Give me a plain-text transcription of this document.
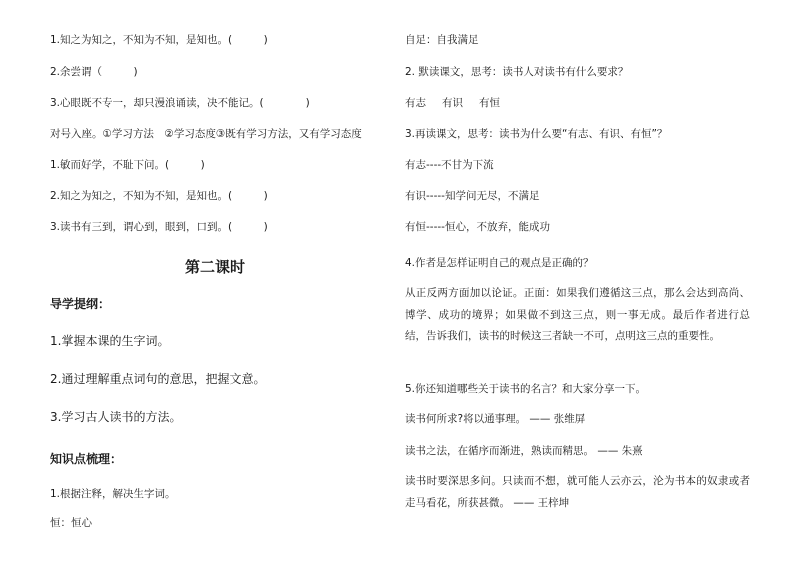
1.知之为知之，不知为不知，是知也。(　　　)
2.余尝谓（　　　)
3.心眼既不专一，却只漫浪诵读，决不能记。(　　　　)
对号入座。①学习方法　②学习态度③既有学习方法，又有学习态度
1.敏而好学，不耻下问。(　　　)
2.知之为知之，不知为不知，是知也。(　　　)
3.读书有三到，谓心到，眼到，口到。(　　　)
第二课时
导学提纲：
1.掌握本课的生字词。
2.通过理解重点词句的意思，把握文意。
3.学习古人读书的方法。
知识点梳理：
1.根据注释，解决生字词。
恒：恒心
自足：自我满足
2. 默读课文，思考：读书人对读书有什么要求？
有志 有识 有恒
3.再读课文，思考：读书为什么要“有志、有识、有恒”？
有志----不甘为下流
有识-----知学问无尽，不满足
有恒-----恒心，不放弃，能成功
4.作者是怎样证明自己的观点是正确的？
从正反两方面加以论证。正面：如果我们遵循这三点，那么会达到高尚、博学、成功的境界；如果做不到这三点，则一事无成。最后作者进行总结，告诉我们，读书的时候这三者缺一不可，点明这三点的重要性。
5.你还知道哪些关于读书的名言？和大家分享一下。
读书何所求?将以通事理。 —— 张维屏
读书之法，在循序而渐进，熟读而精思。 —— 朱熹
读书时要深思多问。只读而不想，就可能人云亦云，沦为书本的奴隶或者走马看花，所获甚微。 —— 王梓坤
